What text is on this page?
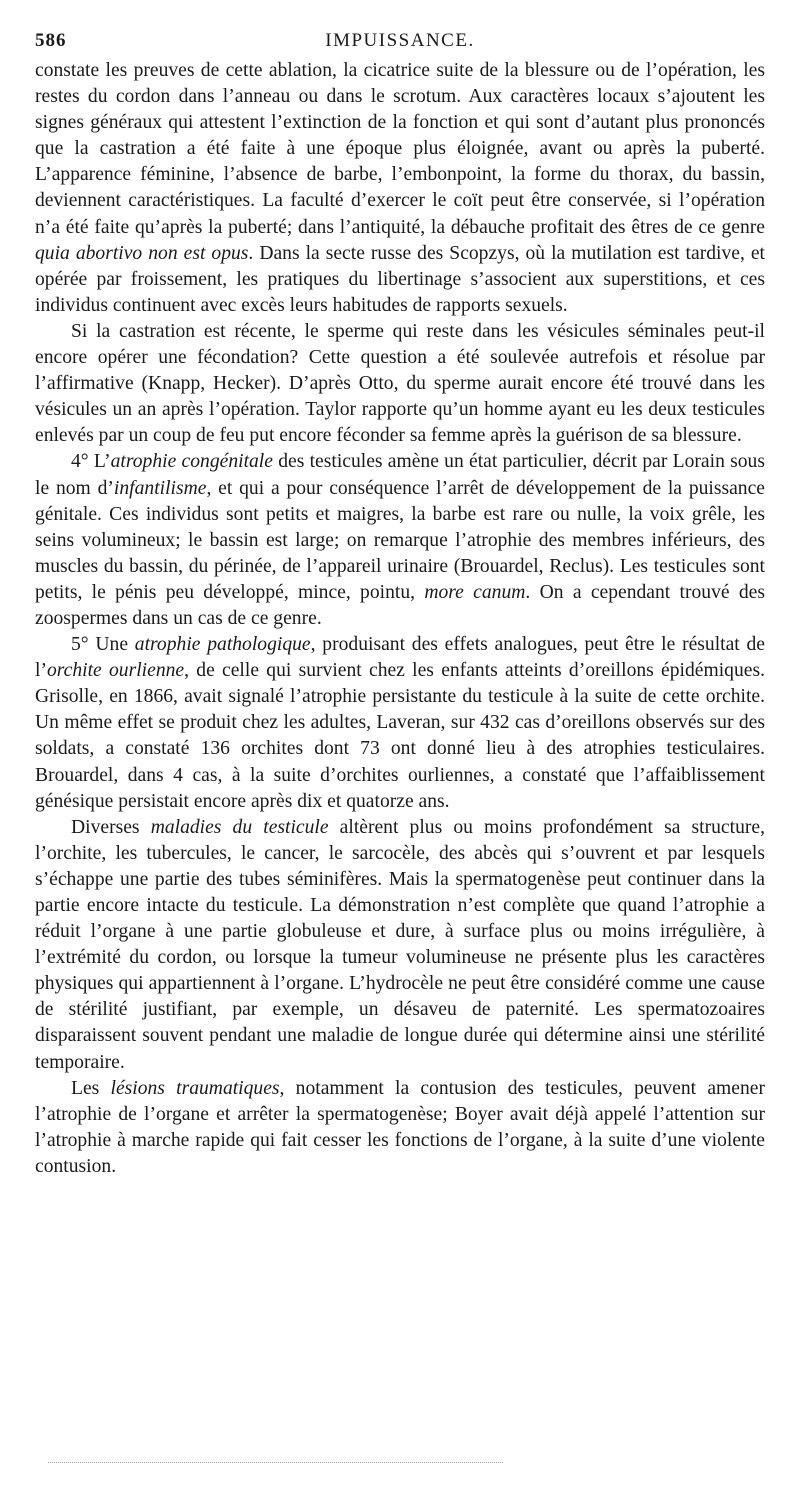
586	IMPUISSANCE.

constate les preuves de cette ablation, la cicatrice suite de la blessure ou de l’opération, les restes du cordon dans l’anneau ou dans le scrotum. Aux caractères locaux s’ajoutent les signes généraux qui attestent l’extinction de la fonction et qui sont d’autant plus prononcés que la castration a été faite à une époque plus éloignée, avant ou après la puberté. L’apparence féminine, l’absence de barbe, l’embonpoint, la forme du thorax, du bassin, deviennent caractéristiques. La faculté d’exercer le coït peut être conservée, si l’opération n’a été faite qu’après la puberté; dans l’antiquité, la débauche profitait des êtres de ce genre quia abortivo non est opus. Dans la secte russe des Scopzys, où la mutilation est tardive, et opérée par froissement, les pratiques du libertinage s’associent aux superstitions, et ces individus continuent avec excès leurs habitudes de rapports sexuels.

Si la castration est récente, le sperme qui reste dans les vésicules séminales peut-il encore opérer une fécondation? Cette question a été soulevée autrefois et résolue par l’affirmative (Knapp, Hecker). D’après Otto, du sperme aurait encore été trouvé dans les vésicules un an après l’opération. Taylor rapporte qu’un homme ayant eu les deux testicules enlevés par un coup de feu put encore féconder sa femme après la guérison de sa blessure.

4° L’atrophie congénitale des testicules amène un état particulier, décrit par Lorain sous le nom d’infantilisme, et qui a pour conséquence l’arrêt de développement de la puissance génitale. Ces individus sont petits et maigres, la barbe est rare ou nulle, la voix grêle, les seins volumineux; le bassin est large; on remarque l’atrophie des membres inférieurs, des muscles du bassin, du périnée, de l’appareil urinaire (Brouardel, Reclus). Les testicules sont petits, le pénis peu développé, mince, pointu, more canum. On a cependant trouvé des zoospermes dans un cas de ce genre.

5° Une atrophie pathologique, produisant des effets analogues, peut être le résultat de l’orchite ourlienne, de celle qui survient chez les enfants atteints d’oreillons épidémiques. Grisolle, en 1866, avait signalé l’atrophie persistante du testicule à la suite de cette orchite. Un même effet se produit chez les adultes, Laveran, sur 432 cas d’oreillons observés sur des soldats, a constaté 136 orchites dont 73 ont donné lieu à des atrophies testiculaires. Brouardel, dans 4 cas, à la suite d’orchites ourliennes, a constaté que l’affaiblissement génésique persistait encore après dix et quatorze ans.

Diverses maladies du testicule altèrent plus ou moins profondément sa structure, l’orchite, les tubercules, le cancer, le sarcocèle, des abcès qui s’ouvrent et par lesquels s’échappe une partie des tubes séminifères. Mais la spermatogenèse peut continuer dans la partie encore intacte du testicule. La démonstration n’est complète que quand l’atrophie a réduit l’organe à une partie globuleuse et dure, à surface plus ou moins irrégulière, à l’extrémité du cordon, ou lorsque la tumeur volumineuse ne présente plus les caractères physiques qui appartiennent à l’organe. L’hydrocèle ne peut être considéré comme une cause de stérilité justifiant, par exemple, un désaveu de paternité. Les spermatozoaires disparaissent souvent pendant une maladie de longue durée qui détermine ainsi une stérilité temporaire.

Les lésions traumatiques, notamment la contusion des testicules, peuvent amener l’atrophie de l’organe et arrêter la spermatogenèse; Boyer avait déjà appelé l’attention sur l’atrophie à marche rapide qui fait cesser les fonctions de l’organe, à la suite d’une violente contusion.
